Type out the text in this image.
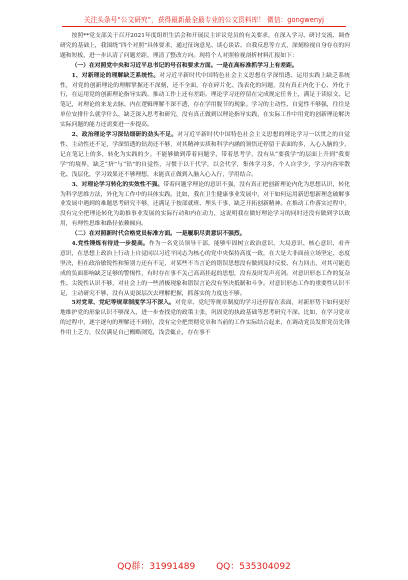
关注头条号“公文研究”，获得最新最全最专业的公文资料库！ 微信：gongwenyj

按照**党支部关于召开2021年度组织生活会和开展民主评议党员的有关要求，在深入学习、研讨交流、调查研究的基础上，我围绕“四个对照”具体要求，通过征询意见、谈心谈话、自我反思等方式，深刻检视自身存在的问题和短板，进一步认清了问题差距，理清了整改方向。现将个人对照检视剖析材料汇报如下：

（一）在对照党中央和习近平总书记的号召和要求方面。一是在高标准抓学习上有差距。

1、对新理论的理解缺乏系统性。对习近平新时代中国特色社会主义思想在学深悟透、运用实践上缺乏系统性，对党的创新理论的理解掌握还不深刻，还不全面，存在碎片化、浅表化的问题，没有真正内化于心、外化于行，在运用党的创新理论指导实践、推动工作上还有差距。理论学习还停留在完成规定任务上，满足于读原文、记笔记，对理论的来龙去脉、内在逻辑理解不深不透，存在学用脱节的现象。学习的主动性、自觉性不够强，往往是单位安排什么就学什么，缺乏深入思考和研究，没有真正做到以理论指导实践，在实际工作中用党的创新理论解决实际问题的能力还需要进一步提高。

2、政治理论学习深钻细研的劲头不足。对习近平新时代中国特色社会主义思想的理论学习一以贯之的自觉性、主动性还不足，学深悟透的钻劲还不够，对其精神实质和科学内涵的领悟还停留于表面的多，入心入脑的少，记在笔记上的多，转化为实践的少。不能够做到带着问题学、带着思考学，没有从“要我学”的层面上升到“我要学”的境界，缺乏“挤”与“钻”的自觉性，习惯于以干代学，以会代学，集体学习多，个人自学少，学习内容零散化、浅层化，学习效果还不够理想，未能真正做到入脑入心入行，学用结合。

3、对理论学习转化的实效性不强。带着问题学理论的意识不强，没有真正把创新理论内化为思想认识，转化为科学思维方法，外化为工作中的具体实践。比如，我在卫生健康事业发展中，对于如何运用新思想新理念破解事业发展中遇到的难题思考研究不够，还满足于按部就班、埋头干事，缺乏开拓创新精神。在推动工作落实过程中，没有完全把理论转化为助推事业发展的实际行动和内在动力，这说明我在做好理论学习的同时还没有做到学以致用，有理性思维和路径依赖倾向。

（二）在对照新时代合格党员标准方面。一是履职尽责意识不强烈。

4.党性锤炼有待进一步提高。作为一名党员领导干部，能够牢固树立政治意识、大局意识、核心意识、看齐意识，在思想上政治上行动上自觉同以习近平同志为核心的党中央保持高度一致，在大是大非面前立场坚定、态度坚决，但在政治敏锐性和鉴别力还有不足，对某些不当言论的错误思想没有做到及时反驳、有力回击，对其可能造成的负面影响缺乏足够的警惕性，有时存在事不关己高高挂起的思想，没有及时发声亮剑。对意识形态工作的复杂性、尖锐性认识不够，对社会上的一些消极现象和错误言论没有坚决抵制和斗争。对意识形态工作的重要性认识不足，主动研究不够，没有从更深层次去理解把握，抓落实的力度也不够。

5对党章、党纪等规章制度学习不深入。对党章、党纪等规章制度的学习还停留在表面，对新形势下如何更好地维护党的形象认识不够深入，进一步查找党的政策主张，巩固党的执政基础等思考研究不深。比如，在学习党章的过程中，逐字逐句的理解还不到位，没有完全把贯彻党章和当前的工作实际结合起来，在调动党员发挥党员先锋作用上乏力，仅仅满足自己概略浏览，浅尝辄止，存在事不

QQ群：31991489 QQ：535304092
